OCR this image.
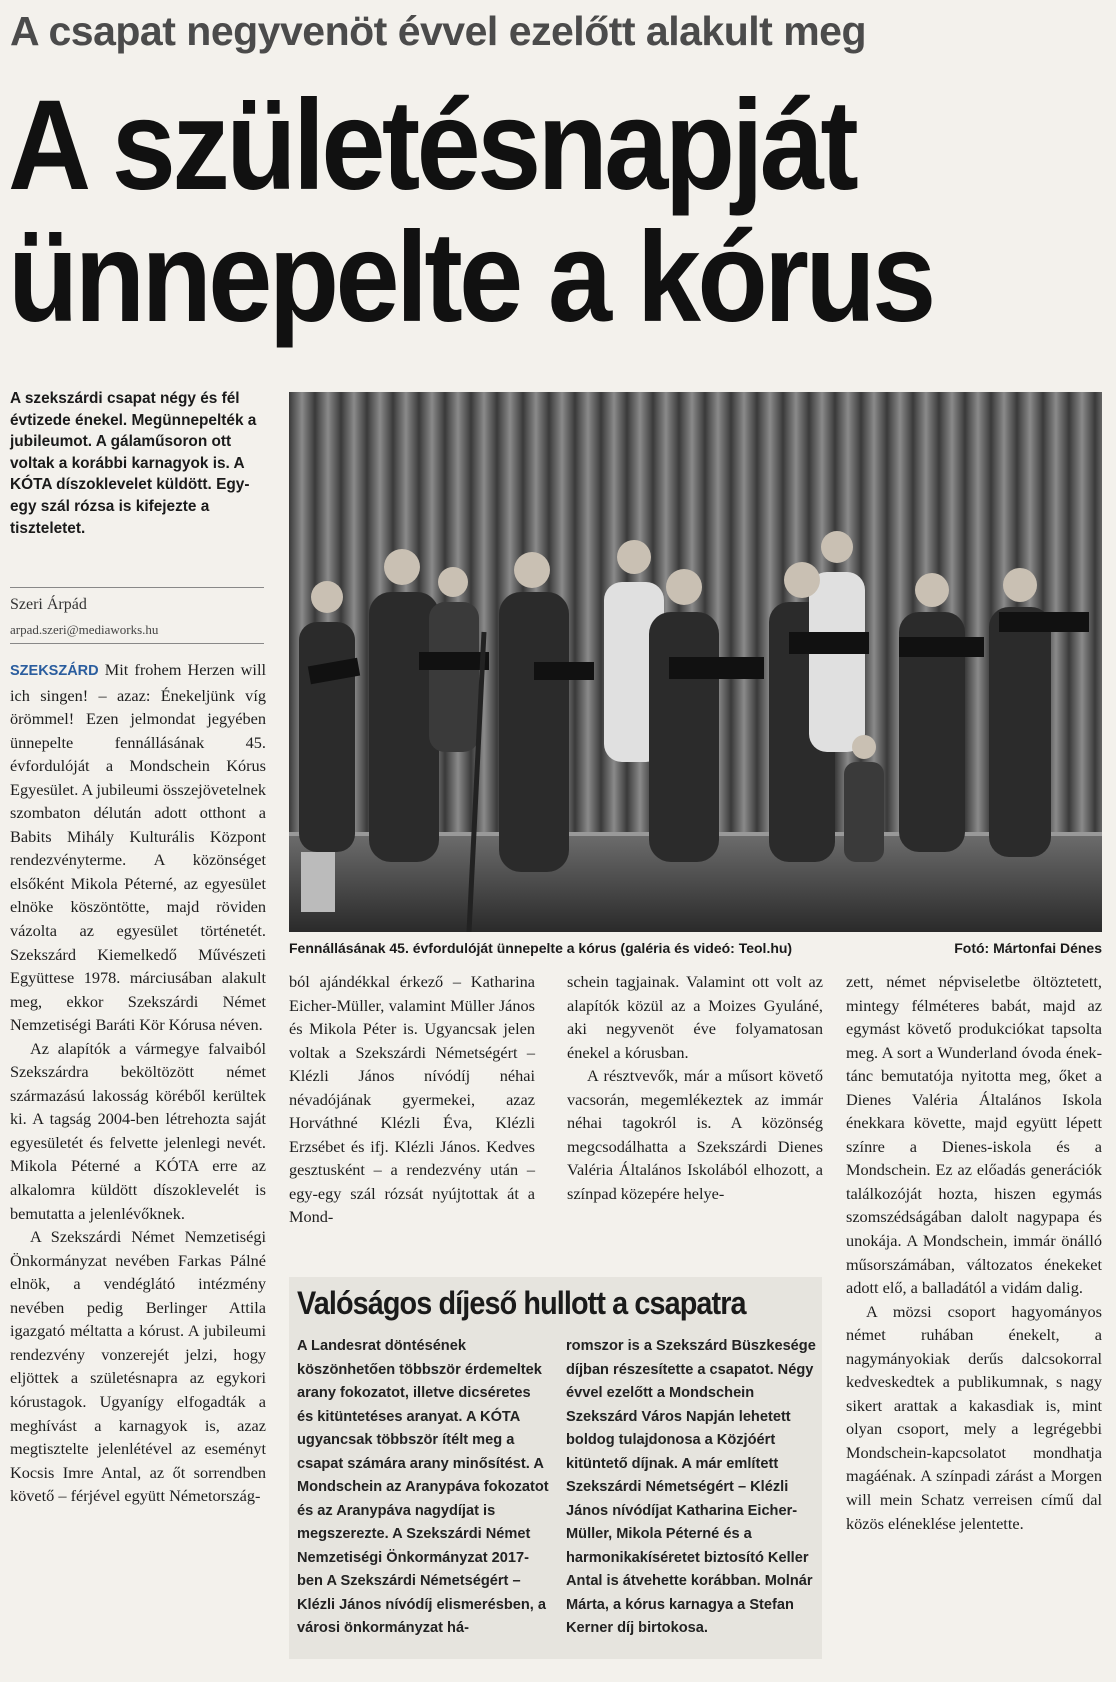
A csapat negyvenöt évvel ezelőtt alakult meg
A születésnapját
ünnepelte a kórus
A szekszárdi csapat négy és fél évtizede énekel. Megünnepelték a jubileumot. A gálaműsoron ott voltak a korábbi karnagyok is. A KÓTA díszoklevelet küldött. Egy-egy szál rózsa is kifejezte a tiszteletet.
Szeri Árpád
arpad.szeri@mediaworks.hu

SZEKSZÁRD Mit frohem Herzen will ich singen! – azaz: Énekeljünk víg örömmel! Ezen jelmondat jegyében ünnepelte fennállásának 45. évfordulóját a Mondschein Kórus Egyesület. A jubileumi összejövetelnek szombaton délután adott otthont a Babits Mihály Kulturális Központ rendezvényterme. A közönséget elsőként Mikola Péterné, az egyesület elnöke köszöntötte, majd röviden vázolta az egyesület történetét. Szekszárd Kiemelkedő Művészeti Együttese 1978. márciusában alakult meg, ekkor Szekszárdi Német Nemzetiségi Baráti Kör Kórusa néven.

Az alapítók a vármegye falvaiból Szekszárdra beköltözött német származású lakosság köréből kerültek ki. A tagság 2004-ben létrehozta saját egyesületét és felvette jelenlegi nevét. Mikola Péterné a KÓTA erre az alkalomra küldött díszoklevelét is bemutatta a jelenlévőknek.

A Szekszárdi Német Nemzetiségi Önkormányzat nevében Farkas Pálné elnök, a vendéglátó intézmény nevében pedig Berlinger Attila igazgató méltatta a kórust. A jubileumi rendezvény vonzerejét jelzi, hogy eljöttek a születésnapra az egykori kórustagok. Ugyanígy elfogadták a meghívást a karnagyok is, azaz megtisztelte jelenlétével az eseményt Kocsis Imre Antal, az őt sorrendben követő – férjével együtt Németország-

Fennállásának 45. évfordulóját ünnepelte a kórus (galéria és videó: Teol.hu)	Fotó: Mártonfai Dénes

ból ajándékkal érkező – Katharina Eicher-Müller, valamint Müller János és Mikola Péter is. Ugyancsak jelen voltak a Szekszárdi Németségért – Klézli János nívódíj néhai névadójának gyermekei, azaz Horváthné Klézli Éva, Klézli Erzsébet és ifj. Klézli János. Kedves gesztusként – a rendezvény után – egy-egy szál rózsát nyújtottak át a Mond-

schein tagjainak. Valamint ott volt az alapítók közül az a Moizes Gyuláné, aki negyvenöt éve folyamatosan énekel a kórusban.

A résztvevők, már a műsort követő vacsorán, megemlékeztek az immár néhai tagokról is. A közönség megcsodálhatta a Szekszárdi Dienes Valéria Általános Iskolából elhozott, a színpad közepére helye-

zett, német népviseletbe öltöztetett, mintegy félméteres babát, majd az egymást követő produkciókat tapsolta meg. A sort a Wunderland óvoda ének-tánc bemutatója nyitotta meg, őket a Dienes Valéria Általános Iskola énekkara követte, majd együtt lépett színre a Dienes-iskola és a Mondschein. Ez az előadás generációk találkozóját hozta, hiszen egymás szomszédságában dalolt nagypapa és unokája. A Mondschein, immár önálló műsorszámában, változatos énekeket adott elő, a balladától a vidám dalig.

A mözsi csoport hagyományos német ruhában énekelt, a nagymányokiak derűs dalcsokorral kedveskedtek a publikumnak, s nagy sikert arattak a kakasdiak is, mint olyan csoport, mely a legrégebbi Mondschein-kapcsolatot mondhatja magáénak. A színpadi zárást a Morgen will mein Schatz verreisen című dal közös eléneklése jelentette.

Valóságos díjeső hullott a csapatra
A Landesrat döntésének köszönhetően többször érdemeltek arany fokozatot, illetve dicséretes és kitüntetéses aranyat. A KÓTA ugyancsak többször ítélt meg a csapat számára arany minősítést. A Mondschein az Aranypáva fokozatot és az Aranypáva nagydíjat is megszerezte. A Szekszárdi Német Nemzetiségi Önkormányzat 2017-ben A Szekszárdi Németségért – Klézli János nívódíj elismerésben, a városi önkormányzat há-
romszor is a Szekszárd Büszkesége díjban részesítette a csapatot. Négy évvel ezelőtt a Mondschein Szekszárd Város Napján lehetett boldog tulajdonosa a Közjóért kitüntető díjnak. A már említett Szekszárdi Németségért – Klézli János nívódíjat Katharina Eicher-Müller, Mikola Péterné és a harmonikakíséretet biztosító Keller Antal is átvehette korábban. Molnár Márta, a kórus karnagya a Stefan Kerner díj birtokosa.
